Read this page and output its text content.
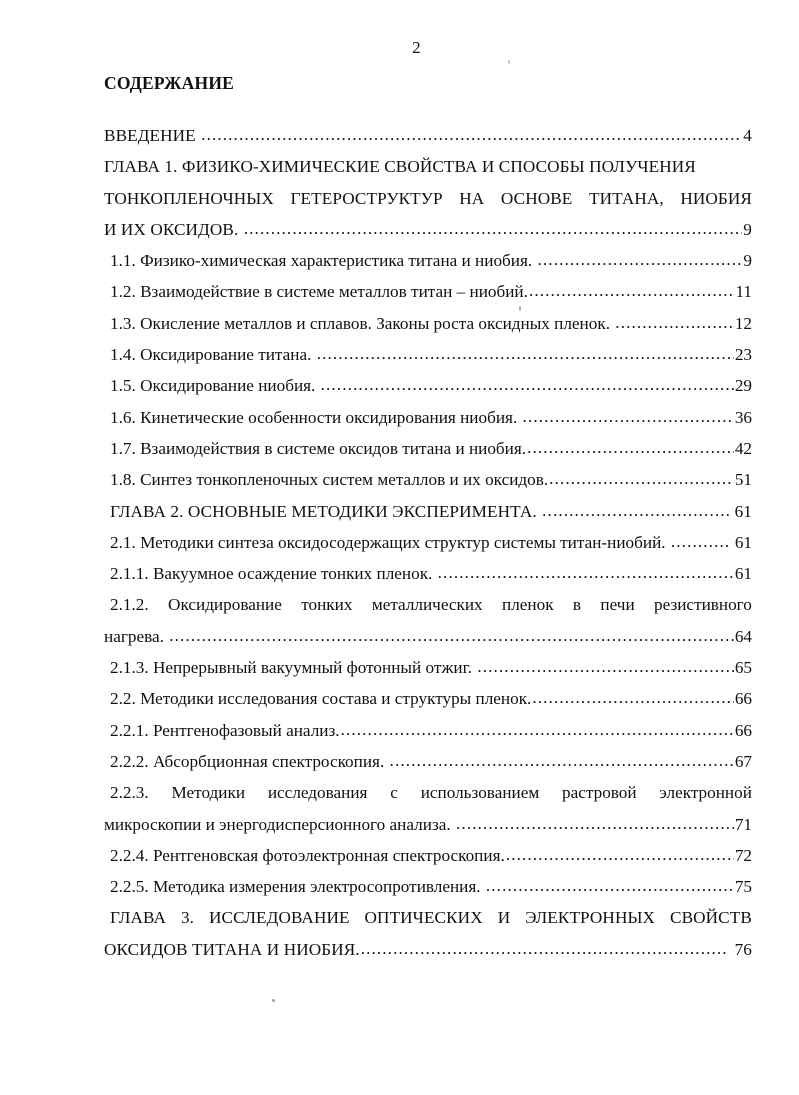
2
СОДЕРЖАНИЕ
ВВЕДЕНИЕ .....	4
ГЛАВА 1. ФИЗИКО-ХИМИЧЕСКИЕ СВОЙСТВА И СПОСОБЫ ПОЛУЧЕНИЯ
ТОНКОПЛЕНОЧНЫХ ГЕТЕРОСТРУКТУР НА ОСНОВЕ ТИТАНА, НИОБИЯ
И ИХ ОКСИДОВ. .....	9
1.1. Физико-химическая характеристика титана и ниобия. .....	9
1.2. Взаимодействие в системе металлов титан – ниобий. .....	11
1.3. Окисление металлов и сплавов. Законы роста оксидных пленок. .....	12
1.4. Оксидирование титана. .....	23
1.5. Оксидирование ниобия. .....	29
1.6. Кинетические особенности оксидирования ниобия. .....	36
1.7. Взаимодействия в системе оксидов титана и ниобия. .....	42
1.8. Синтез тонкопленочных систем металлов и их оксидов. .....	51
ГЛАВА 2. ОСНОВНЫЕ МЕТОДИКИ ЭКСПЕРИМЕНТА. .....	61
2.1. Методики синтеза оксидосодержащих структур системы титан-ниобий. .....	61
2.1.1. Вакуумное осаждение тонких пленок. .....	61
2.1.2. Оксидирование тонких металлических пленок в печи резистивного
нагрева. .....	64
2.1.3. Непрерывный вакуумный фотонный отжиг. .....	65
2.2. Методики исследования состава и структуры пленок. .....	66
2.2.1. Рентгенофазовый анализ. .....	66
2.2.2. Абсорбционная спектроскопия. .....	67
2.2.3. Методики исследования с использованием растровой электронной
микроскопии и энергодисперсионного анализа. .....	71
2.2.4. Рентгеновская фотоэлектронная спектроскопия. .....	72
2.2.5. Методика измерения электросопротивления. .....	75
ГЛАВА 3. ИССЛЕДОВАНИЕ ОПТИЧЕСКИХ И ЭЛЕКТРОННЫХ СВОЙСТВ
ОКСИДОВ ТИТАНА И НИОБИЯ. .....	76
